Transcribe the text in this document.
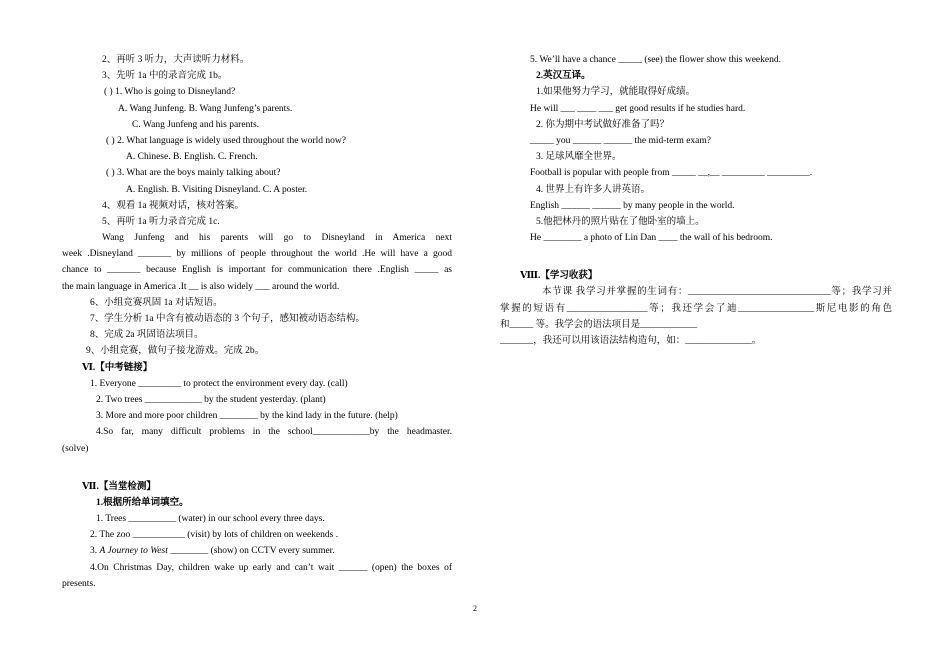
2、再听 3 听力，大声读听力材料。
3、先听 1a 中的录音完成 1b。
( ) 1. Who is going to Disneyland?
A. Wang Junfeng. B. Wang Junfeng’s parents.
C. Wang Junfeng and his parents.
( ) 2. What language is widely used throughout the world now?
A. Chinese. B. English. C. French.
( ) 3. What are the boys mainly talking about?
A. English. B. Visiting Disneyland. C. A poster.
4、观看 1a 视频对话，核对答案。
5、再听 1a 听力录音完成 1c.
Wang Junfeng and his parents will go to Disneyland in America next
week .Disneyland _______ by millions of people throughout the world .He will have a good
chance to _______ because English is important for communication there .English _____ as
the main language in America .It __ is also widely ___ around the world.
6、小组竞赛巩固 1a 对话短语。
7、学生分析 1a 中含有被动语态的 3 个句子，感知被动语态结构。
8、完成 2a 巩固语法项目。
9、小组竞赛，做句子接龙游戏。完成 2b。
Ⅵ.【中考链接】
1. Everyone _________ to protect the environment every day. (call)
2. Two trees ____________ by the student yesterday. (plant)
3. More and more poor children ________ by the kind lady in the future. (help)
4.So far, many difficult problems in the school____________by the headmaster.
(solve)
Ⅶ.【当堂检测】
1.根据所给单词填空。
1. Trees __________ (water) in our school every three days.
2. The zoo ___________ (visit) by lots of children on weekends .
3. A Journey to West ________ (show) on CCTV every summer.
4.On Christmas Day, children wake up early and can’t wait ______ (open) the boxes of
presents.
5. We’ll have a chance _____ (see) the flower show this weekend.
2.英汉互译。
1.如果他努力学习，就能取得好成绩。
He will ___ ____ ___ get good results if he studies hard.
2. 你为期中考试做好准备了吗？
_____ you ______ ______ the mid-term exam?
3. 足球风靡全世界。
Football is popular with people from _____ __,__ _________ _________.
4. 世界上有许多人讲英语。
English ______ ______ by many people in the world.
5.他把林丹的照片贴在了他卧室的墙上。
He ________ a photo of Lin Dan ____ the wall of his bedroom.
Ⅷ.【学习收获】
本节课 我学习并掌握的生词有：______________________________等；我学习并
掌握的短语有_________________等；我还学会了迪________________斯尼电影的角色
和_____ 等。我学会的语法项目是____________
_______，我还可以用该语法结构造句，如：______________。
2
